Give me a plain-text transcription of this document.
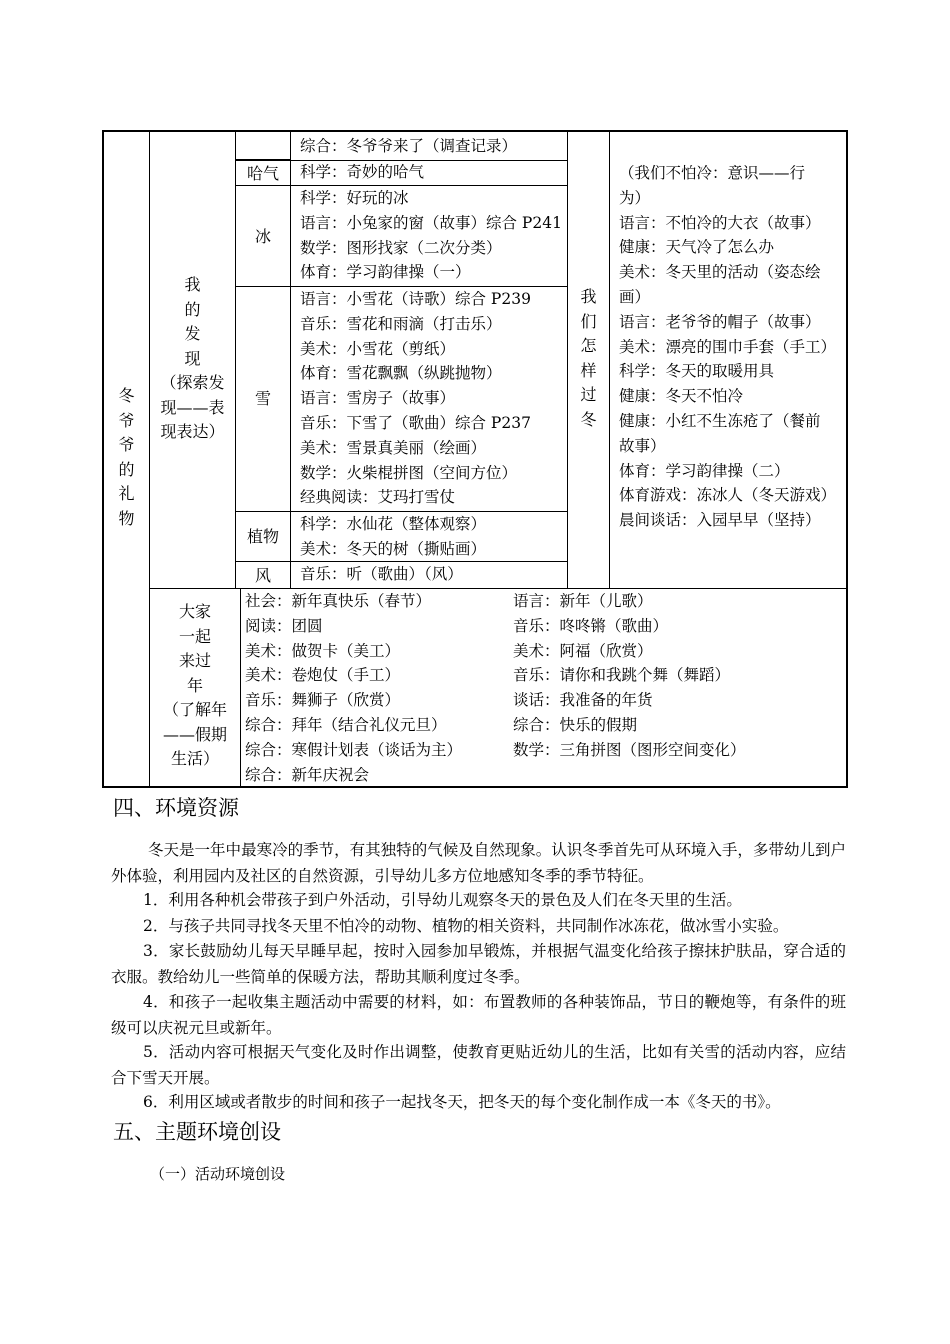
冬
爷
爷
的
礼
物
我
的
发
现
（探索发
现——表
现表达）
大家
一起
来过
年
（了解年
——假期
生活）
哈气
冰
雪
植物
风
综合：冬爷爷来了（调查记录）
科学：奇妙的哈气
科学：好玩的冰
语言：小兔家的窗（故事）综合 P241
数学：图形找家（二次分类）
体育：学习韵律操（一）
语言：小雪花（诗歌）综合 P239
音乐：雪花和雨滴（打击乐）
美术：小雪花（剪纸）
体育：雪花飘飘（纵跳抛物）
语言：雪房子（故事）
音乐：下雪了（歌曲）综合 P237
美术：雪景真美丽（绘画）
数学：火柴棍拼图（空间方位）
经典阅读：艾玛打雪仗
科学：水仙花（整体观察）
美术：冬天的树（撕贴画）
音乐：听（歌曲）（风）
我
们
怎
样
过
冬
（我们不怕冷：意识——行
为）
语言：不怕冷的大衣（故事）
健康：天气冷了怎么办
美术：冬天里的活动（姿态绘
画）
语言：老爷爷的帽子（故事）
美术：漂亮的围巾手套（手工）
科学：冬天的取暖用具
健康：冬天不怕冷
健康：小红不生冻疮了（餐前
故事）
体育：学习韵律操（二）
体育游戏：冻冰人（冬天游戏）
晨间谈话：入园早早（坚持）
社会：新年真快乐（春节）
阅读：团圆
美术：做贺卡（美工）
美术：卷炮仗（手工）
音乐：舞狮子（欣赏）
综合：拜年（结合礼仪元旦）
综合：寒假计划表（谈话为主）
综合：新年庆祝会
语言：新年（儿歌）
音乐：咚咚锵（歌曲）
美术：阿福（欣赏）
音乐：请你和我跳个舞（舞蹈）
谈话：我准备的年货
综合：快乐的假期
数学：三角拼图（图形空间变化）
四、环境资源
冬天是一年中最寒冷的季节，有其独特的气候及自然现象。认识冬季首先可从环境入手，多带幼儿到户外体验，利用园内及社区的自然资源，引导幼儿多方位地感知冬季的季节特征。
1．利用各种机会带孩子到户外活动，引导幼儿观察冬天的景色及人们在冬天里的生活。
2．与孩子共同寻找冬天里不怕冷的动物、植物的相关资料，共同制作冰冻花，做冰雪小实验。
3．家长鼓励幼儿每天早睡早起，按时入园参加早锻炼，并根据气温变化给孩子擦抹护肤品，穿合适的衣服。教给幼儿一些简单的保暖方法，帮助其顺利度过冬季。
4．和孩子一起收集主题活动中需要的材料，如：布置教师的各种装饰品，节日的鞭炮等，有条件的班级可以庆祝元旦或新年。
5．活动内容可根据天气变化及时作出调整，使教育更贴近幼儿的生活，比如有关雪的活动内容，应结合下雪天开展。
6．利用区域或者散步的时间和孩子一起找冬天，把冬天的每个变化制作成一本《冬天的书》。
五、主题环境创设
（一）活动环境创设
